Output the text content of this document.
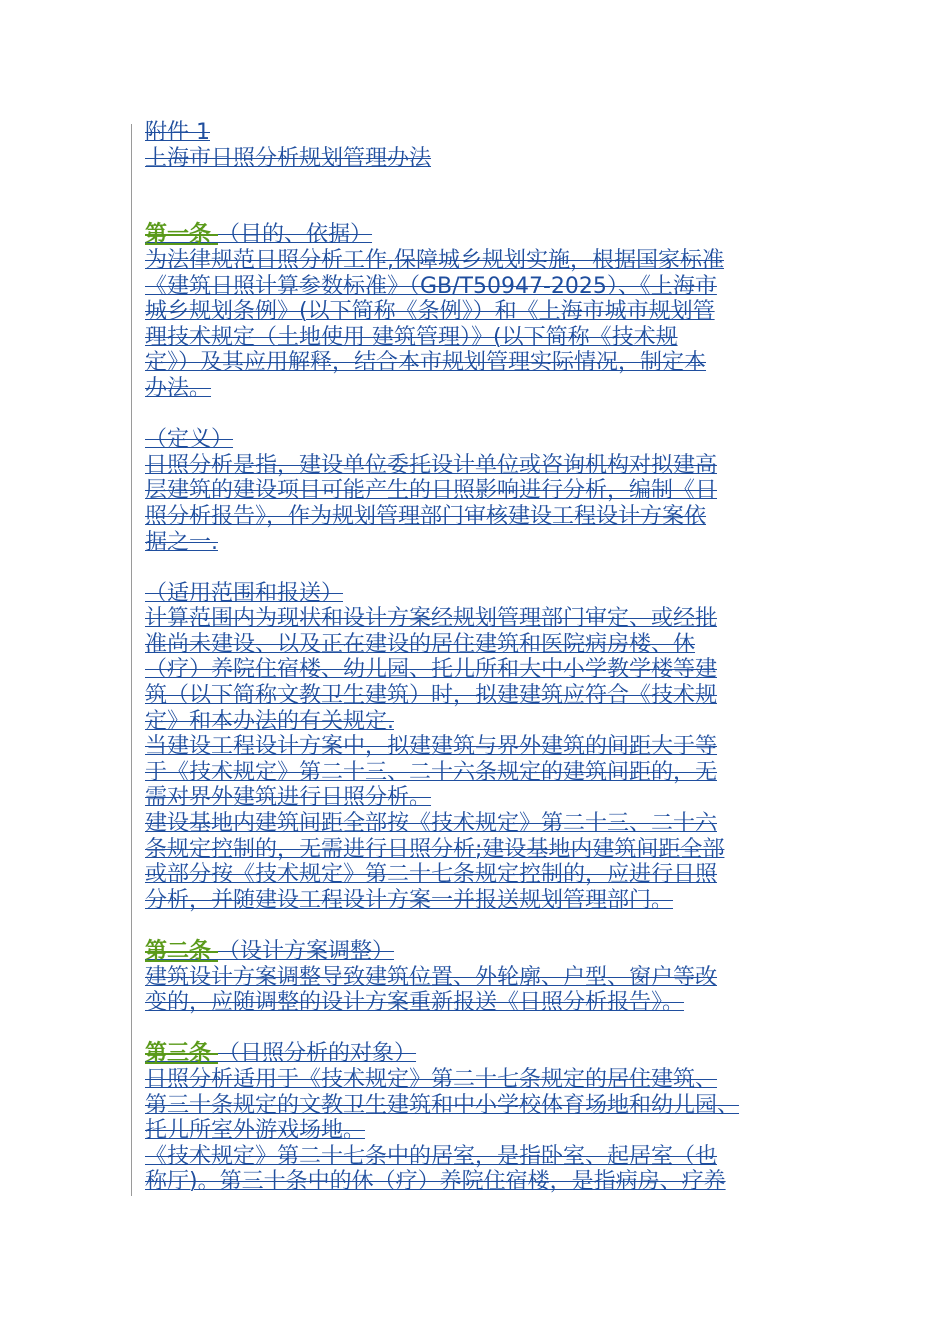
附件 1
上海市日照分析规划管理办法
第一条 （目的、依据）
为法律规范日照分析工作,保障城乡规划实施，根据国家标准
《建筑日照计算参数标准》（GB/T50947-2025）、《上海市
城乡规划条例》(以下简称《条例》）和《上海市城市规划管
理技术规定（土地使用 建筑管理）》(以下简称《技术规
定》）及其应用解释，结合本市规划管理实际情况，制定本
办法。
（定义）
日照分析是指，建设单位委托设计单位或咨询机构对拟建高
层建筑的建设项目可能产生的日照影响进行分析，编制《日
照分析报告》，作为规划管理部门审核建设工程设计方案依
据之一.
（适用范围和报送）
计算范围内为现状和设计方案经规划管理部门审定、或经批
准尚未建设、以及正在建设的居住建筑和医院病房楼、休
（疗）养院住宿楼、幼儿园、托儿所和大中小学教学楼等建
筑（以下简称文教卫生建筑）时，拟建建筑应符合《技术规
定》和本办法的有关规定.
当建设工程设计方案中，拟建建筑与界外建筑的间距大于等
于《技术规定》第二十三、二十六条规定的建筑间距的，无
需对界外建筑进行日照分析。
建设基地内建筑间距全部按《技术规定》第二十三、二十六
条规定控制的，无需进行日照分析;建设基地内建筑间距全部
或部分按《技术规定》第二十七条规定控制的，应进行日照
分析，并随建设工程设计方案一并报送规划管理部门。
第二条 （设计方案调整）
建筑设计方案调整导致建筑位置、外轮廓、户型、窗户等改
变的，应随调整的设计方案重新报送《日照分析报告》。
第三条 （日照分析的对象）
日照分析适用于《技术规定》第二十七条规定的居住建筑、
第三十条规定的文教卫生建筑和中小学校体育场地和幼儿园、
托儿所室外游戏场地。
《技术规定》第二十七条中的居室，是指卧室、起居室（也
称厅)。第三十条中的休（疗）养院住宿楼，是指病房、疗养
